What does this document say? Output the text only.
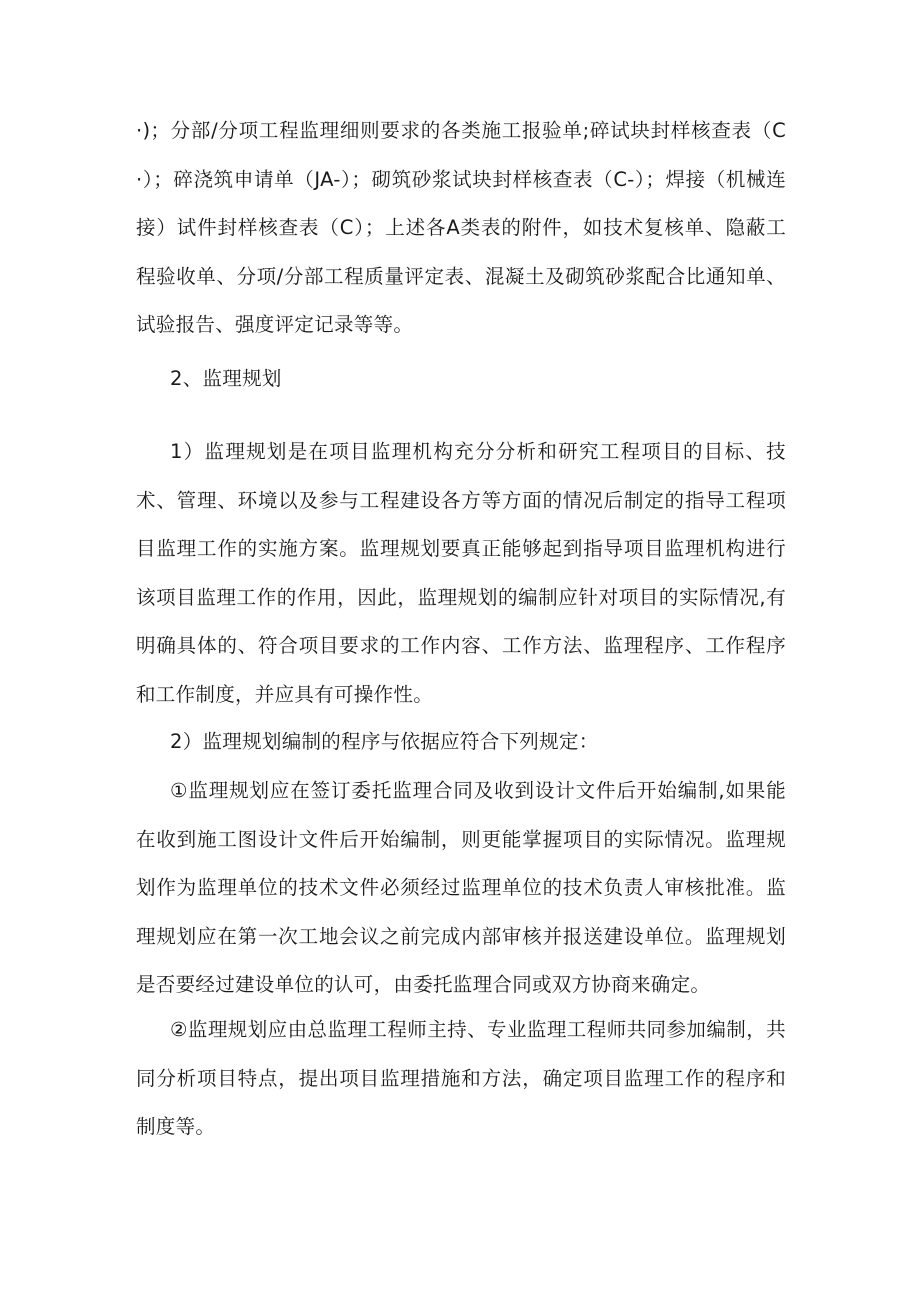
·)；分部/分项工程监理细则要求的各类施工报验单;碎试块封样核查表（C·）；碎浇筑申请单（JA-）；砌筑砂浆试块封样核查表（C-）；焊接（机械连接）试件封样核查表（C）；上述各A类表的附件，如技术复核单、隐蔽工程验收单、分项/分部工程质量评定表、混凝土及砌筑砂浆配合比通知单、试验报告、强度评定记录等等。

2、监理规划

1）监理规划是在项目监理机构充分分析和研究工程项目的目标、技术、管理、环境以及参与工程建设各方等方面的情况后制定的指导工程项目监理工作的实施方案。监理规划要真正能够起到指导项目监理机构进行该项目监理工作的作用，因此，监理规划的编制应针对项目的实际情况,有明确具体的、符合项目要求的工作内容、工作方法、监理程序、工作程序和工作制度，并应具有可操作性。

2）监理规划编制的程序与依据应符合下列规定：

①监理规划应在签订委托监理合同及收到设计文件后开始编制,如果能在收到施工图设计文件后开始编制，则更能掌握项目的实际情况。监理规划作为监理单位的技术文件必须经过监理单位的技术负责人审核批准。监理规划应在第一次工地会议之前完成内部审核并报送建设单位。监理规划是否要经过建设单位的认可，由委托监理合同或双方协商来确定。

②监理规划应由总监理工程师主持、专业监理工程师共同参加编制，共同分析项目特点，提出项目监理措施和方法，确定项目监理工作的程序和制度等。
